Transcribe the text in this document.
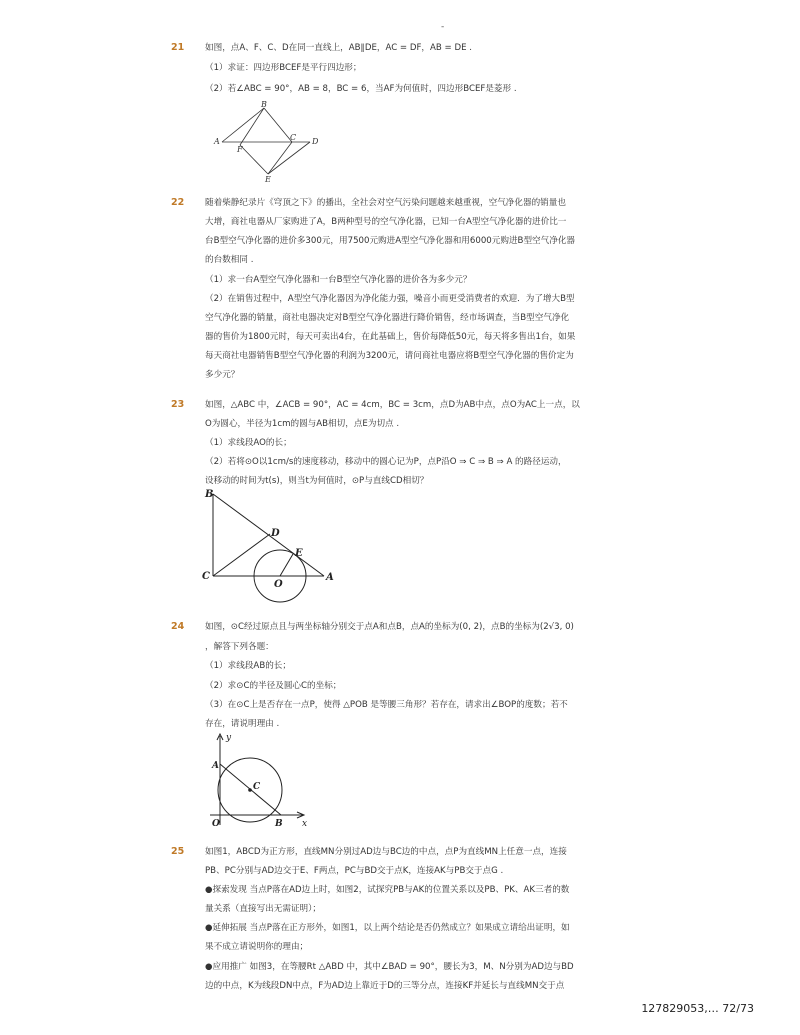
-
21 如图，点A、F、C、D在同一直线上，AB∥DE，AC = DF，AB = DE .
（1）求证：四边形BCEF是平行四边形；
（2）若∠ABC = 90°，AB = 8，BC = 6，当AF为何值时，四边形BCEF是菱形 .
B
A
F
C D
E
22 随着柴静纪录片《穹顶之下》的播出，全社会对空气污染问题越来越重视，空气净化器的销量也
大增，商社电器从厂家购进了A，B两种型号的空气净化器，已知一台A型空气净化器的进价比一
台B型空气净化器的进价多300元，用7500元购进A型空气净化器和用6000元购进B型空气净化器
的台数相同 .
（1）求一台A型空气净化器和一台B型空气净化器的进价各为多少元？
（2）在销售过程中，A型空气净化器因为净化能力强，噪音小而更受消费者的欢迎．为了增大B型
空气净化器的销量，商社电器决定对B型空气净化器进行降价销售，经市场调查，当B型空气净化
器的售价为1800元时，每天可卖出4台，在此基础上，售价每降低50元，每天将多售出1台，如果
每天商社电器销售B型空气净化器的利润为3200元，请问商社电器应将B型空气净化器的售价定为
多少元？
23 如图，△ABC 中，∠ACB = 90°，AC = 4cm，BC = 3cm，点D为AB中点，点O为AC上一点，以
O为圆心，半径为1cm的圆与AB相切，点E为切点 .
（1）求线段AO的长；
（2）若将⊙O以1cm/s的速度移动，移动中的圆心记为P，点P沿O ⇒ C ⇒ B ⇒ A 的路径运动，
设移动的时间为t(s)，则当t为何值时，⊙P与直线CD相切？
B
C
D
E
O
A
24 如图，⊙C经过原点且与两坐标轴分别交于点A和点B，点A的坐标为(0, 2)，点B的坐标为(2√3, 0)
，解答下列各题：
（1）求线段AB的长；
（2）求⊙C的半径及圆心C的坐标；
（3）在⊙C上是否存在一点P，使得 △POB 是等腰三角形？若存在，请求出∠BOP的度数；若不
存在，请说明理由 .
y
A
C
O	B x
25 如图1，ABCD为正方形，直线MN分别过AD边与BC边的中点，点P为直线MN上任意一点，连接
PB、PC分别与AD边交于E、F两点，PC与BD交于点K，连接AK与PB交于点G .
●探索发现 当点P落在AD边上时，如图2，试探究PB与AK的位置关系以及PB、PK、AK三者的数
量关系（直接写出无需证明）；
●延伸拓展 当点P落在正方形外，如图1，以上两个结论是否仍然成立？如果成立请给出证明，如
果不成立请说明你的理由；
●应用推广 如图3，在等腰Rt △ABD 中，其中∠BAD = 90°，腰长为3，M、N分别为AD边与BD
边的中点，K为线段DN中点，F为AD边上靠近于D的三等分点，连接KF并延长与直线MN交于点
127829053,… 72/73
